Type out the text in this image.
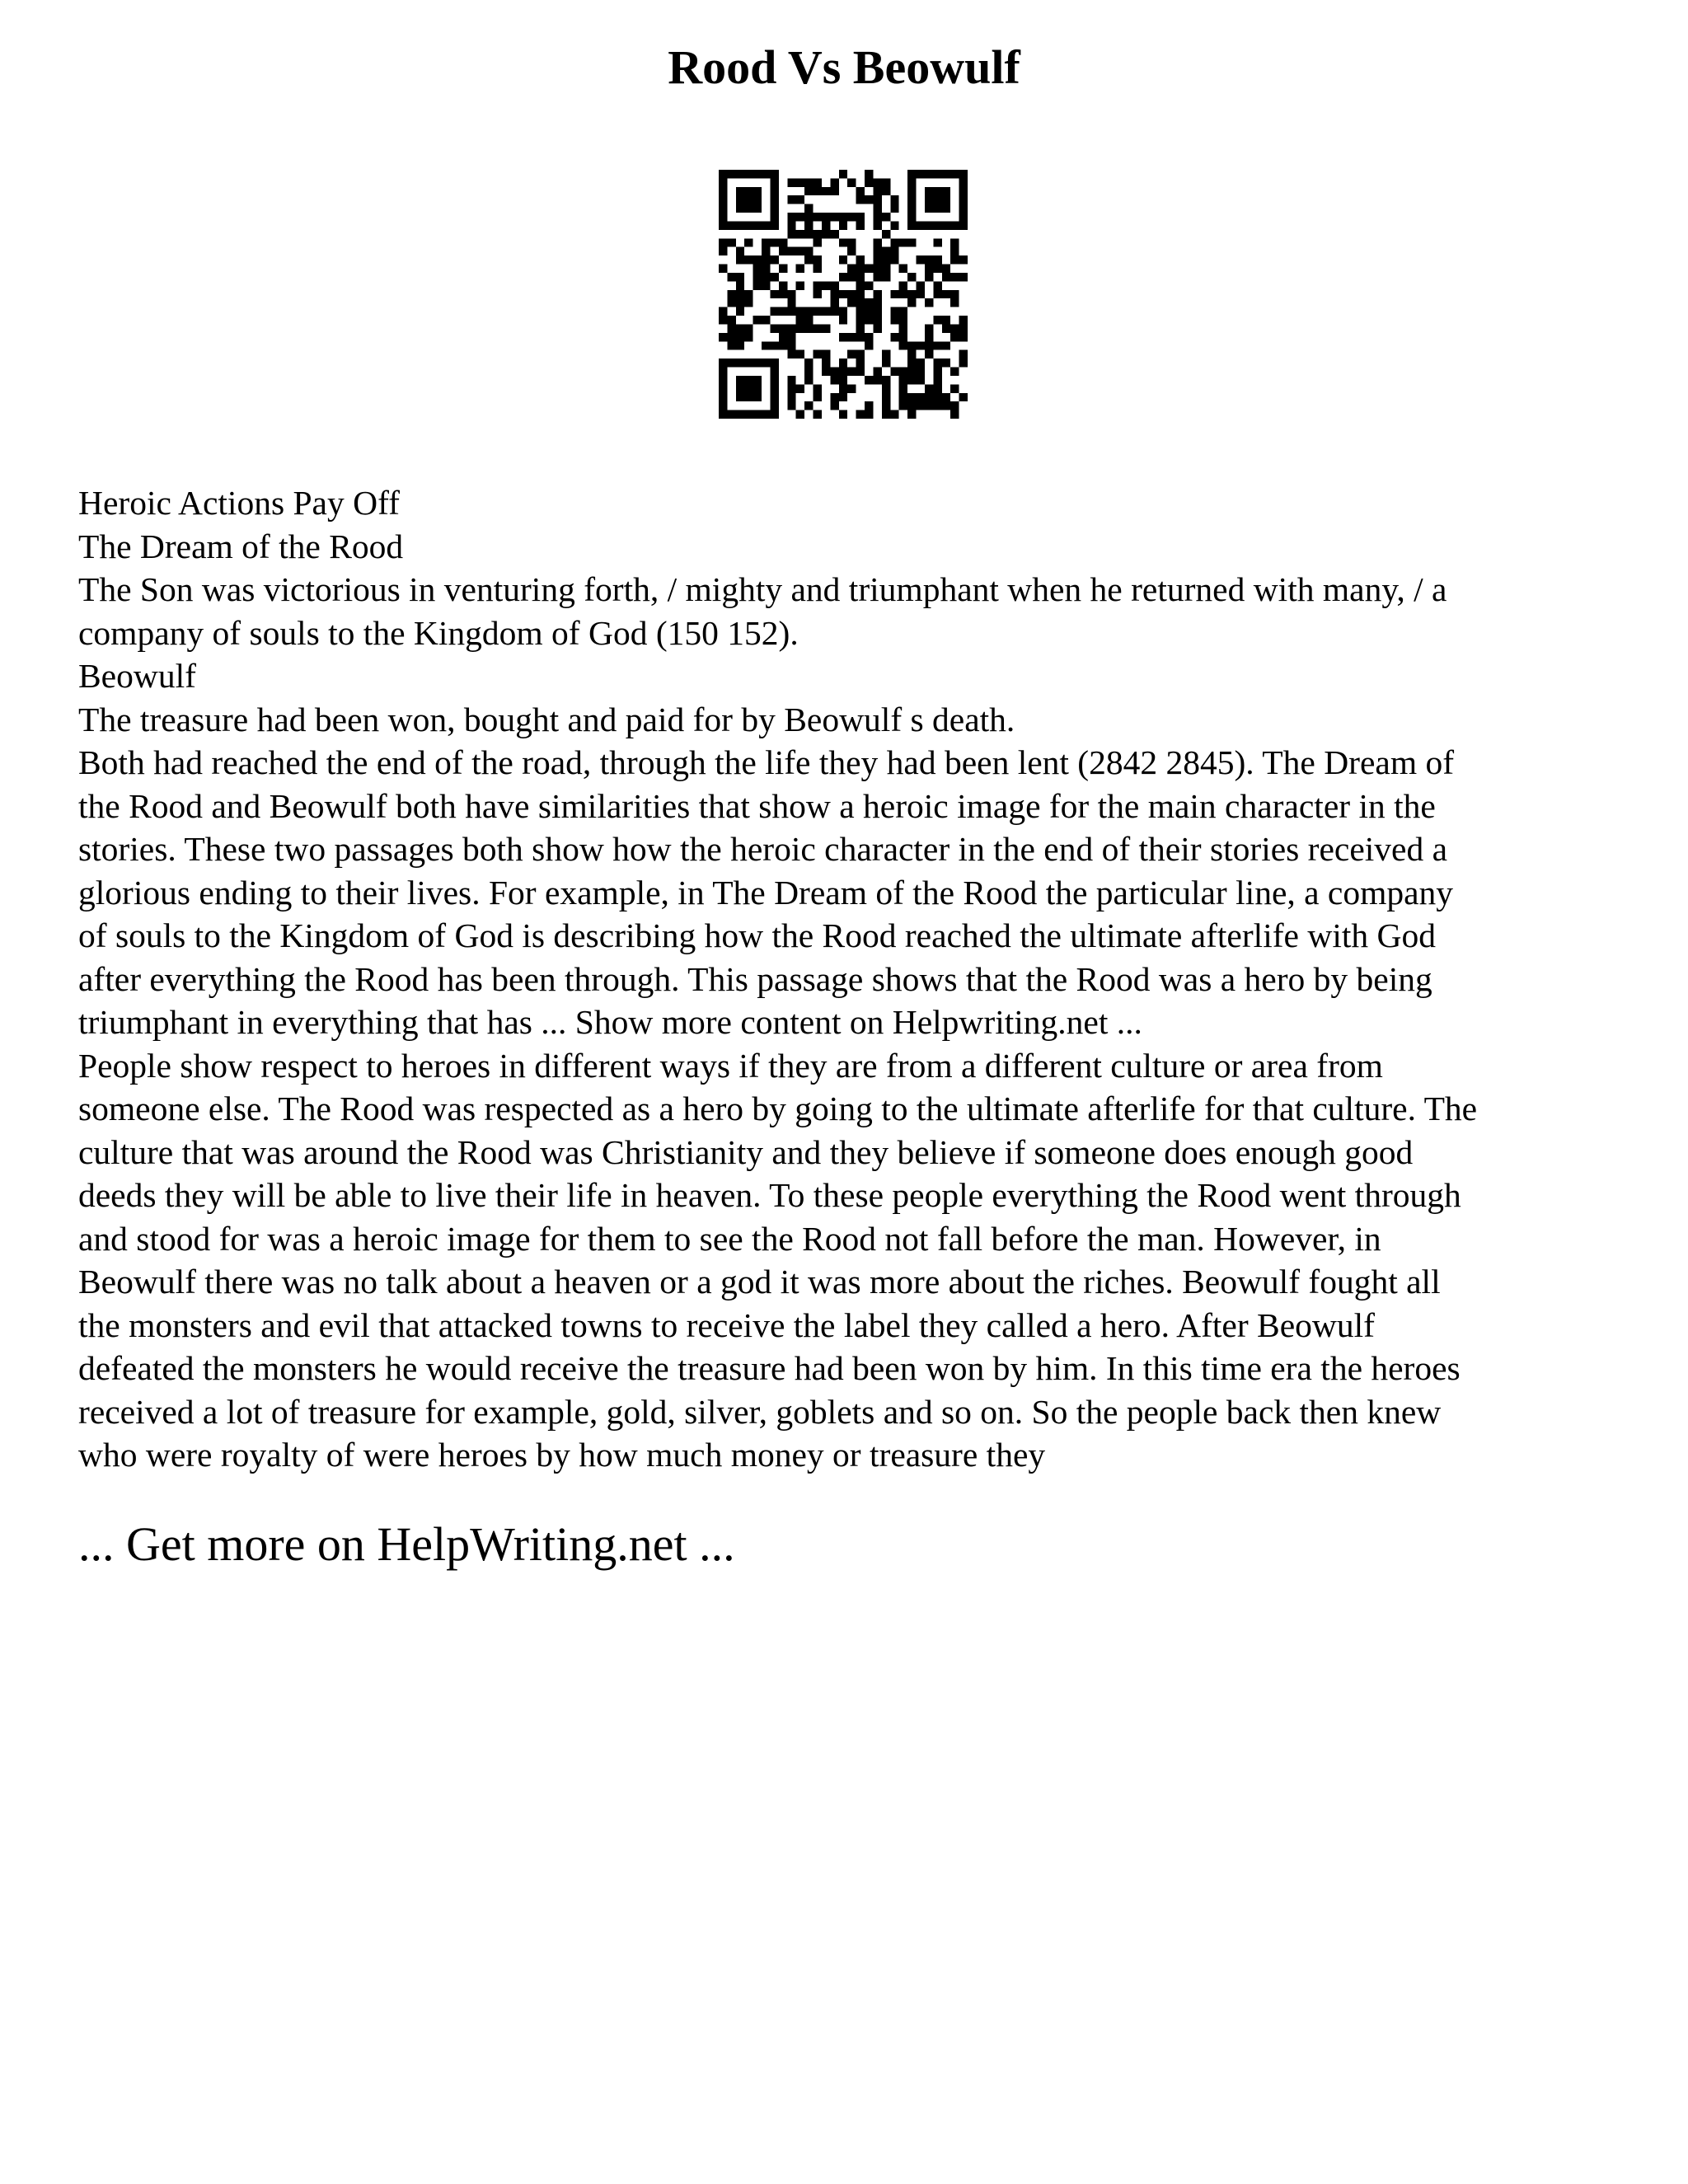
Rood Vs Beowulf
Heroic Actions Pay Off
The Dream of the Rood
The Son was victorious in venturing forth, / mighty and triumphant when he returned with many, / a
company of souls to the Kingdom of God (150 152).
Beowulf
The treasure had been won, bought and paid for by Beowulf s death.
Both had reached the end of the road, through the life they had been lent (2842 2845). The Dream of
the Rood and Beowulf both have similarities that show a heroic image for the main character in the
stories. These two passages both show how the heroic character in the end of their stories received a
glorious ending to their lives. For example, in The Dream of the Rood the particular line, a company
of souls to the Kingdom of God is describing how the Rood reached the ultimate afterlife with God
after everything the Rood has been through. This passage shows that the Rood was a hero by being
triumphant in everything that has ... Show more content on Helpwriting.net ...
People show respect to heroes in different ways if they are from a different culture or area from
someone else. The Rood was respected as a hero by going to the ultimate afterlife for that culture. The
culture that was around the Rood was Christianity and they believe if someone does enough good
deeds they will be able to live their life in heaven. To these people everything the Rood went through
and stood for was a heroic image for them to see the Rood not fall before the man. However, in
Beowulf there was no talk about a heaven or a god it was more about the riches. Beowulf fought all
the monsters and evil that attacked towns to receive the label they called a hero. After Beowulf
defeated the monsters he would receive the treasure had been won by him. In this time era the heroes
received a lot of treasure for example, gold, silver, goblets and so on. So the people back then knew
who were royalty of were heroes by how much money or treasure they

... Get more on HelpWriting.net ...
